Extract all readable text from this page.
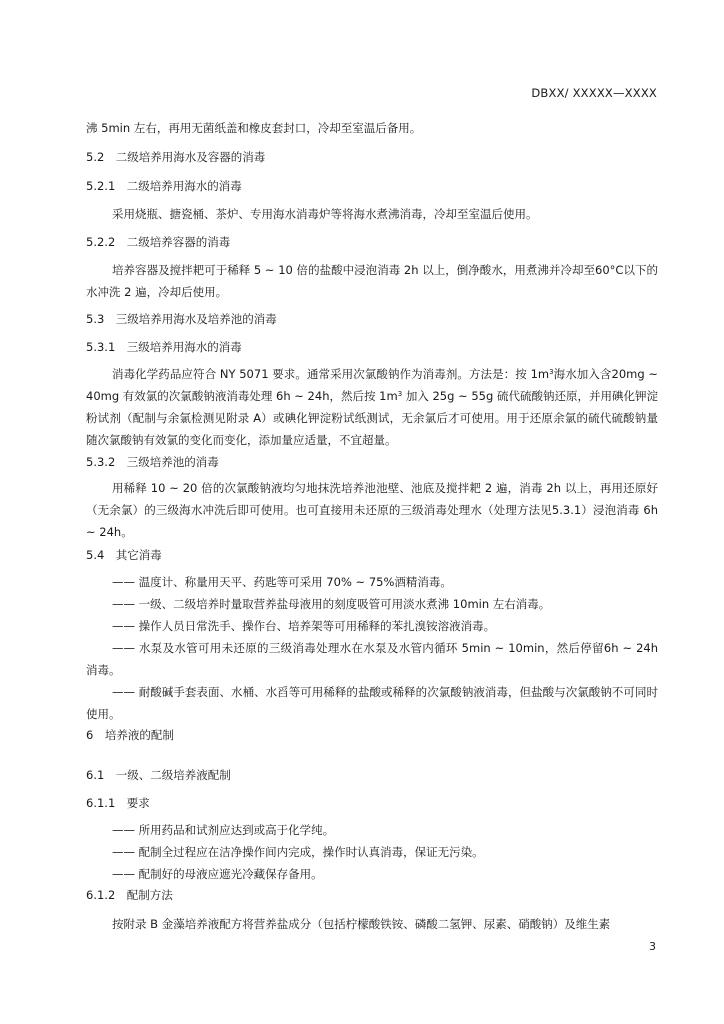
DBXX/ XXXXX—XXXX
沸 5min 左右，再用无菌纸盖和橡皮套封口，冷却至室温后备用。
5.2　二级培养用海水及容器的消毒
5.2.1　二级培养用海水的消毒
采用烧瓶、搪瓷桶、茶炉、专用海水消毒炉等将海水煮沸消毒，冷却至室温后使用。
5.2.2　二级培养容器的消毒
培养容器及搅拌耙可于稀释 5 ~ 10 倍的盐酸中浸泡消毒 2h 以上，倒净酸水，用煮沸并冷却至60°C以下的水冲洗 2 遍，冷却后使用。
5.3　三级培养用海水及培养池的消毒
5.3.1　三级培养用海水的消毒
消毒化学药品应符合 NY 5071 要求。通常采用次氯酸钠作为消毒剂。方法是：按 $1m^3$海水加入含20mg ~ 40mg 有效氯的次氯酸钠液消毒处理 6h ~ 24h，然后按 $1m^3$ 加入 25g ~ 55g 硫代硫酸钠还原，并用碘化钾淀粉试剂（配制与余氯检测见附录 A）或碘化钾淀粉试纸测试，无余氯后才可使用。用于还原余氯的硫代硫酸钠量随次氯酸钠有效氯的变化而变化，添加量应适量，不宜超量。
5.3.2　三级培养池的消毒
用稀释 10 ~ 20 倍的次氯酸钠液均匀地抹洗培养池池壁、池底及搅拌耙 2 遍，消毒 2h 以上，再用还原好（无余氯）的三级海水冲洗后即可使用。也可直接用未还原的三级消毒处理水（处理方法见5.3.1）浸泡消毒 6h ~ 24h。
5.4　其它消毒
—— 温度计、称量用天平、药匙等可采用 70% ~ 75%酒精消毒。
—— 一级、二级培养时量取营养盐母液用的刻度吸管可用淡水煮沸 10min 左右消毒。
—— 操作人员日常洗手、操作台、培养架等可用稀释的苯扎溴铵溶液消毒。
—— 水泵及水管可用未还原的三级消毒处理水在水泵及水管内循环 5min ~ 10min，然后停留6h ~ 24h 消毒。
—— 耐酸碱手套表面、水桶、水舀等可用稀释的盐酸或稀释的次氯酸钠液消毒，但盐酸与次氯酸钠不可同时使用。
6　培养液的配制
6.1　一级、二级培养液配制
6.1.1　要求
—— 所用药品和试剂应达到或高于化学纯。
—— 配制全过程应在洁净操作间内完成，操作时认真消毒，保证无污染。
—— 配制好的母液应遮光冷藏保存备用。
6.1.2　配制方法
按附录 B 金藻培养液配方将营养盐成分（包括柠檬酸铁铵、磷酸二氢钾、尿素、硝酸钠）及维生素
3
